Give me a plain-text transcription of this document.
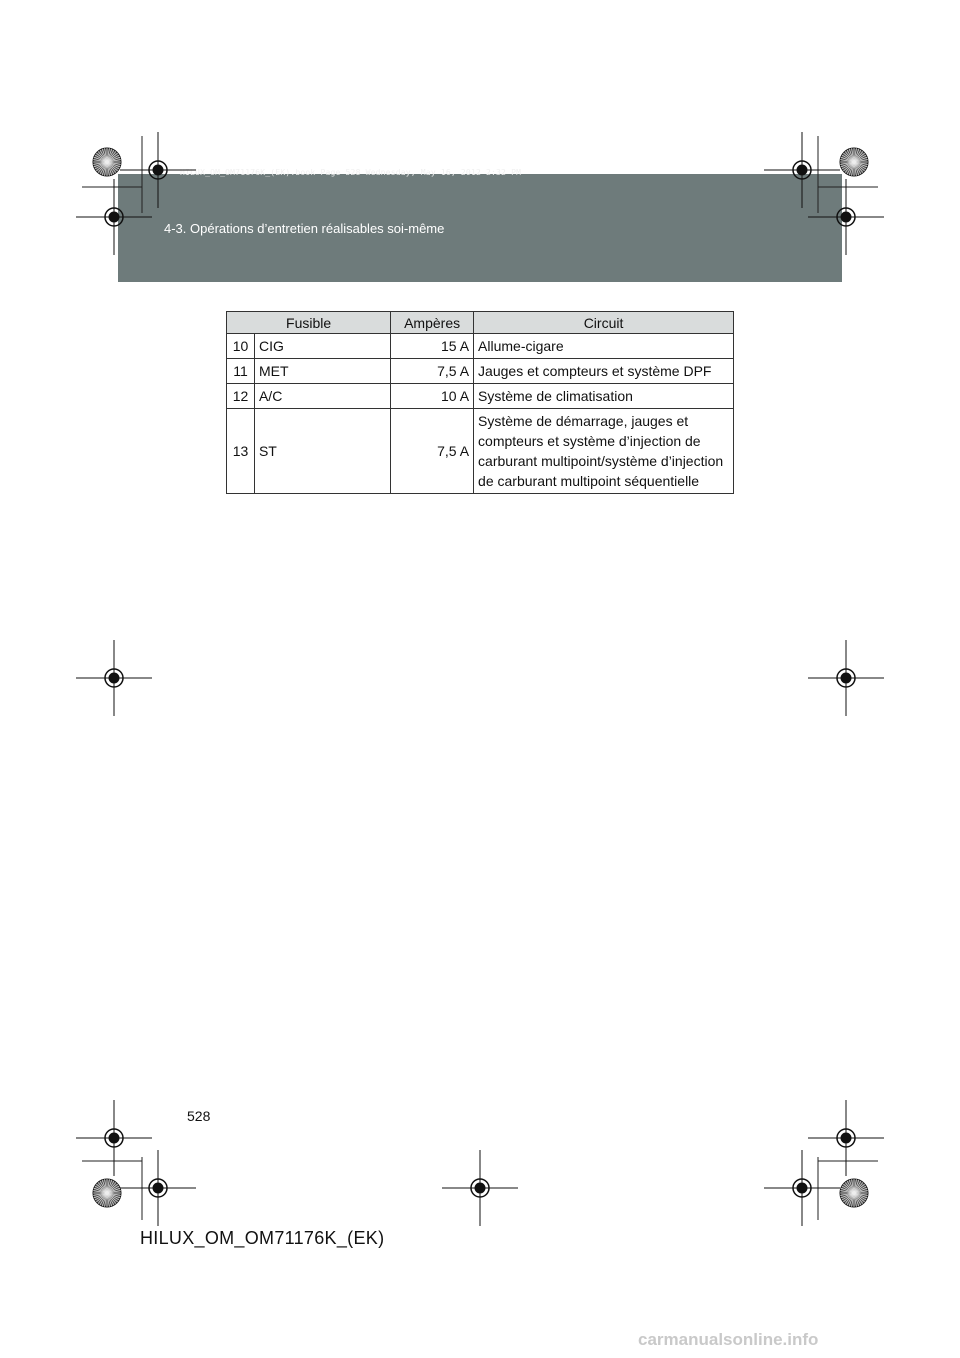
HILUX_OM_OM71176K_(EK).book Page 528 Wednesday, May 16, 2012 2:32 PM
4-3. Opérations d’entretien réalisables soi-même
Fusible		Ampères	Circuit
10	CIG	15 A	Allume-cigare
11	MET	7,5 A	Jauges et compteurs et système DPF
12	A/C	10 A	Système de climatisation
13	ST	7,5 A	Système de démarrage, jauges et compteurs et système d’injection de carburant multipoint/système d’injection de carburant multipoint séquentielle
528
HILUX_OM_OM71176K_(EK)
carmanualsonline.info
